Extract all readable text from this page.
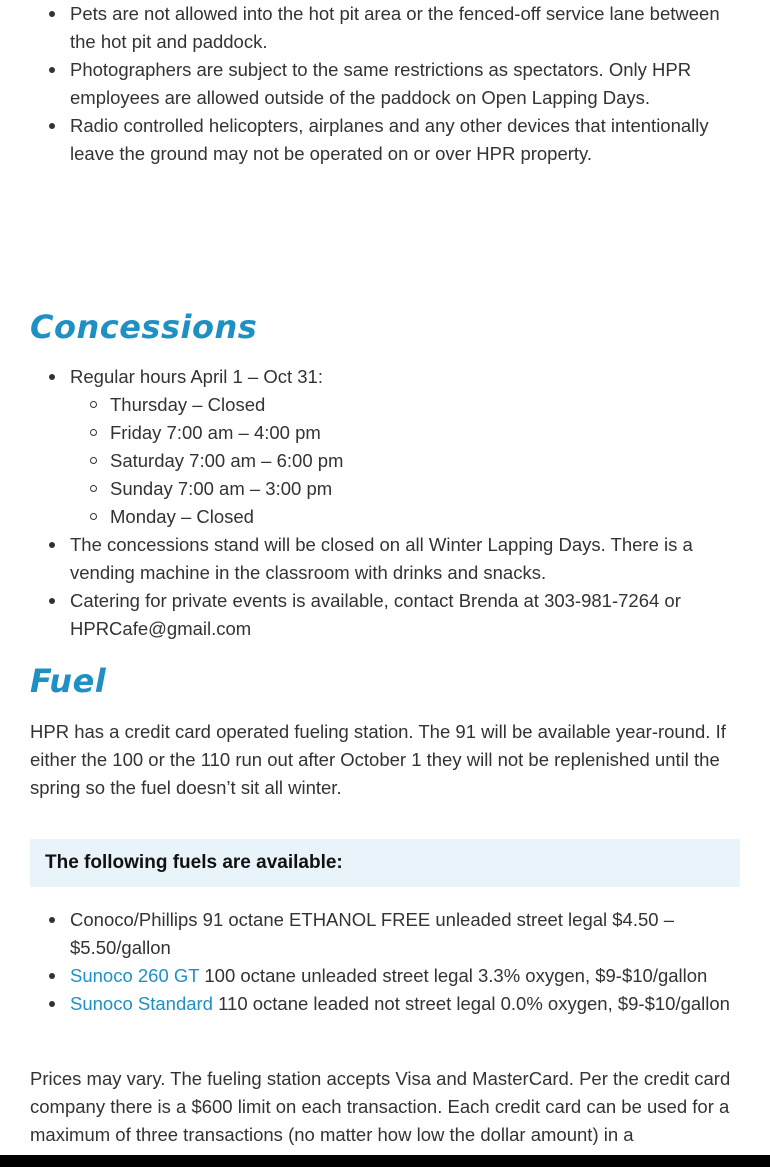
Pets are not allowed into the hot pit area or the fenced-off service lane between the hot pit and paddock.
Photographers are subject to the same restrictions as spectators. Only HPR employees are allowed outside of the paddock on Open Lapping Days.
Radio controlled helicopters, airplanes and any other devices that intentionally leave the ground may not be operated on or over HPR property.
Concessions
Regular hours April 1 – Oct 31:
Thursday – Closed
Friday 7:00 am – 4:00 pm
Saturday 7:00 am – 6:00 pm
Sunday 7:00 am – 3:00 pm
Monday – Closed
The concessions stand will be closed on all Winter Lapping Days. There is a vending machine in the classroom with drinks and snacks.
Catering for private events is available, contact Brenda at 303-981-7264 or HPRCafe@gmail.com
Fuel

HPR has a credit card operated fueling station. The 91 will be available year-round. If either the 100 or the 110 run out after October 1 they will not be replenished until the spring so the fuel doesn’t sit all winter.

The following fuels are available:
Conoco/Phillips 91 octane ETHANOL FREE unleaded street legal $4.50 – $5.50/gallon
Sunoco 260 GT 100 octane unleaded street legal 3.3% oxygen, $9-$10/gallon
Sunoco Standard 110 octane leaded not street legal 0.0% oxygen, $9-$10/gallon

Prices may vary. The fueling station accepts Visa and MasterCard. Per the credit card company there is a $600 limit on each transaction. Each credit card can be used for a maximum of three transactions (no matter how low the dollar amount) in a
